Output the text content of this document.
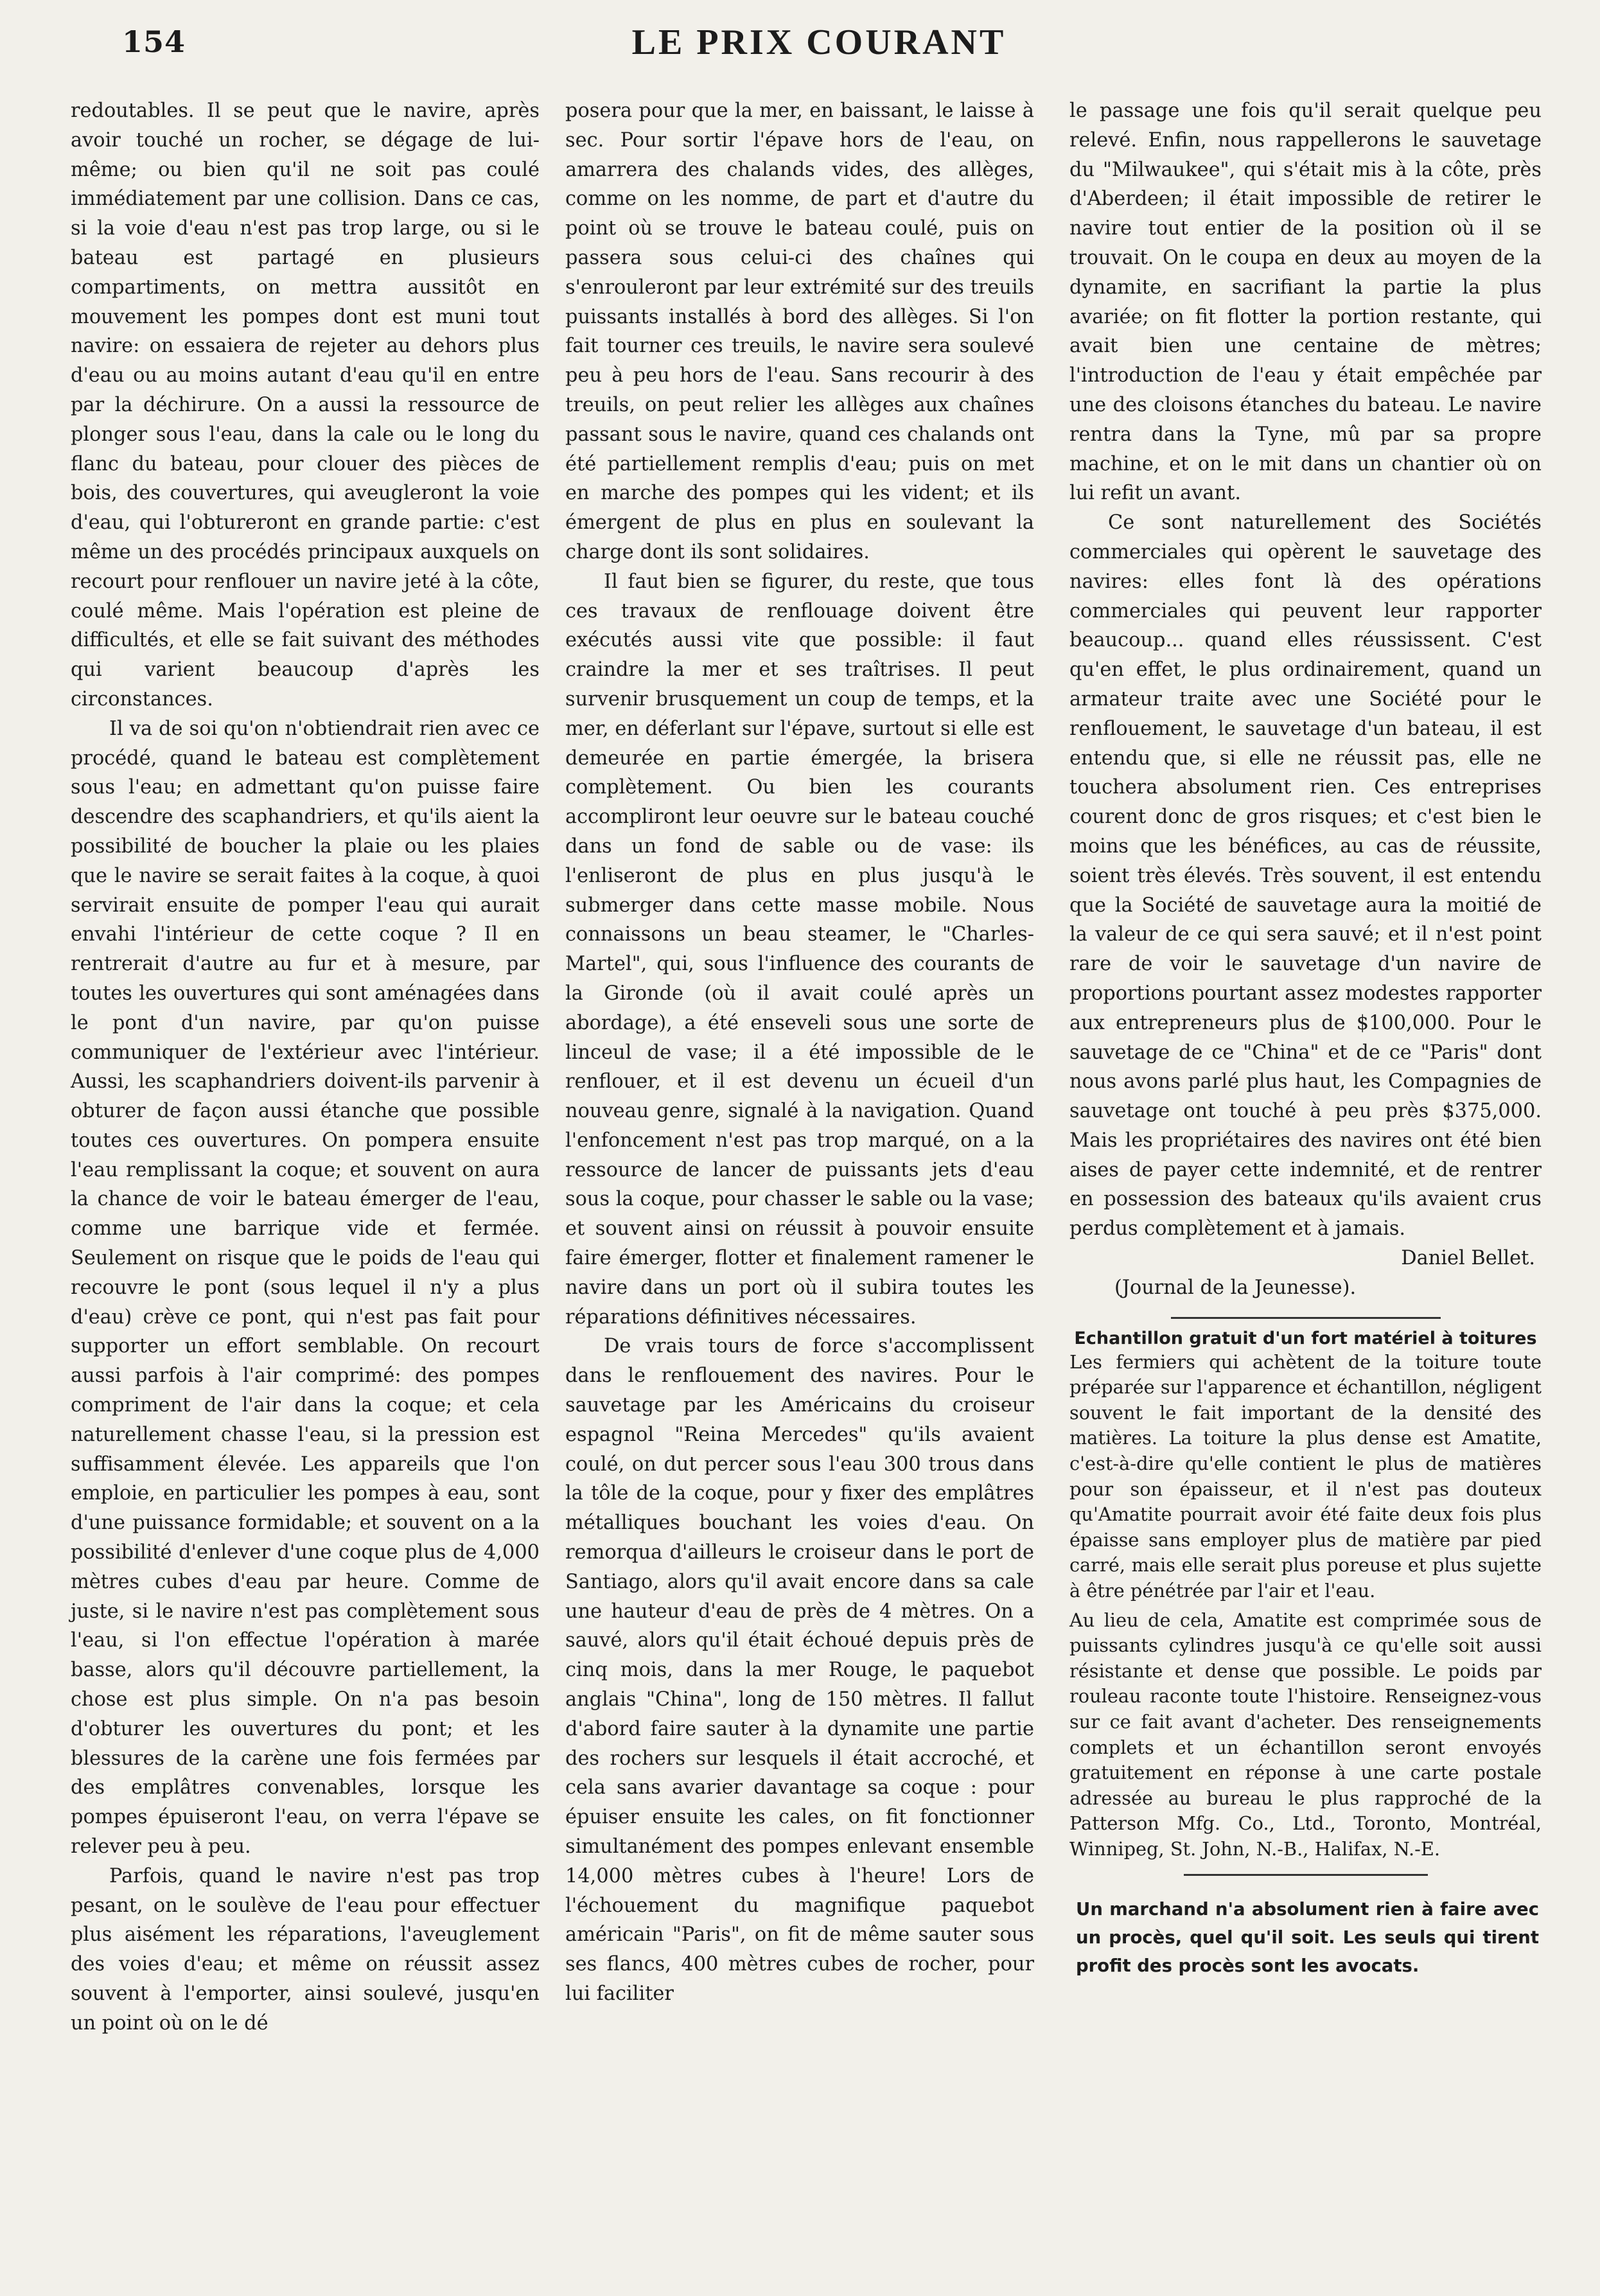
154	LE PRIX COURANT

redoutables. Il se peut que le navire, après avoir touché un rocher, se dégage de lui-même; ou bien qu'il ne soit pas coulé immédiatement par une collision. Dans ce cas, si la voie d'eau n'est pas trop large, ou si le bateau est partagé en plusieurs compartiments, on mettra aussitôt en mouvement les pompes dont est muni tout navire: on essaiera de rejeter au dehors plus d'eau ou au moins autant d'eau qu'il en entre par la déchirure. On a aussi la ressource de plonger sous l'eau, dans la cale ou le long du flanc du bateau, pour clouer des pièces de bois, des couvertures, qui aveugleront la voie d'eau, qui l'obtureront en grande partie: c'est même un des procédés principaux auxquels on recourt pour renflouer un navire jeté à la côte, coulé même. Mais l'opération est pleine de difficultés, et elle se fait suivant des méthodes qui varient beaucoup d'après les circonstances.

Il va de soi qu'on n'obtiendrait rien avec ce procédé, quand le bateau est complètement sous l'eau; en admettant qu'on puisse faire descendre des scaphandriers, et qu'ils aient la possibilité de boucher la plaie ou les plaies que le navire se serait faites à la coque, à quoi servirait ensuite de pomper l'eau qui aurait envahi l'intérieur de cette coque ? Il en rentrerait d'autre au fur et à mesure, par toutes les ouvertures qui sont aménagées dans le pont d'un navire, par qu'on puisse communiquer de l'extérieur avec l'intérieur. Aussi, les scaphandriers doivent-ils parvenir à obturer de façon aussi étanche que possible toutes ces ouvertures. On pompera ensuite l'eau remplissant la coque; et souvent on aura la chance de voir le bateau émerger de l'eau, comme une barrique vide et fermée. Seulement on risque que le poids de l'eau qui recouvre le pont (sous lequel il n'y a plus d'eau) crève ce pont, qui n'est pas fait pour supporter un effort semblable. On recourt aussi parfois à l'air comprimé: des pompes compriment de l'air dans la coque; et cela naturellement chasse l'eau, si la pression est suffisamment élevée. Les appareils que l'on emploie, en particulier les pompes à eau, sont d'une puissance formidable; et souvent on a la possibilité d'enlever d'une coque plus de 4,000 mètres cubes d'eau par heure. Comme de juste, si le navire n'est pas complètement sous l'eau, si l'on effectue l'opération à marée basse, alors qu'il découvre partiellement, la chose est plus simple. On n'a pas besoin d'obturer les ouvertures du pont; et les blessures de la carène une fois fermées par des emplâtres convenables, lorsque les pompes épuiseront l'eau, on verra l'épave se relever peu à peu.

Parfois, quand le navire n'est pas trop pesant, on le soulève de l'eau pour effectuer plus aisément les réparations, l'aveuglement des voies d'eau; et même on réussit assez souvent à l'emporter, ainsi soulevé, jusqu'en un point où on le dé

posera pour que la mer, en baissant, le laisse à sec. Pour sortir l'épave hors de l'eau, on amarrera des chalands vides, des allèges, comme on les nomme, de part et d'autre du point où se trouve le bateau coulé, puis on passera sous celui-ci des chaînes qui s'enrouleront par leur extrémité sur des treuils puissants installés à bord des allèges. Si l'on fait tourner ces treuils, le navire sera soulevé peu à peu hors de l'eau. Sans recourir à des treuils, on peut relier les allèges aux chaînes passant sous le navire, quand ces chalands ont été partiellement remplis d'eau; puis on met en marche des pompes qui les vident; et ils émergent de plus en plus en soulevant la charge dont ils sont solidaires.

Il faut bien se figurer, du reste, que tous ces travaux de renflouage doivent être exécutés aussi vite que possible: il faut craindre la mer et ses traîtrises. Il peut survenir brusquement un coup de temps, et la mer, en déferlant sur l'épave, surtout si elle est demeurée en partie émergée, la brisera complètement. Ou bien les courants accompliront leur oeuvre sur le bateau couché dans un fond de sable ou de vase: ils l'enliseront de plus en plus jusqu'à le submerger dans cette masse mobile. Nous connaissons un beau steamer, le "Charles-Martel", qui, sous l'influence des courants de la Gironde (où il avait coulé après un abordage), a été enseveli sous une sorte de linceul de vase; il a été impossible de le renflouer, et il est devenu un écueil d'un nouveau genre, signalé à la navigation. Quand l'enfoncement n'est pas trop marqué, on a la ressource de lancer de puissants jets d'eau sous la coque, pour chasser le sable ou la vase; et souvent ainsi on réussit à pouvoir ensuite faire émerger, flotter et finalement ramener le navire dans un port où il subira toutes les réparations définitives nécessaires.

De vrais tours de force s'accomplissent dans le renflouement des navires. Pour le sauvetage par les Américains du croiseur espagnol "Reina Mercedes" qu'ils avaient coulé, on dut percer sous l'eau 300 trous dans la tôle de la coque, pour y fixer des emplâtres métalliques bouchant les voies d'eau. On remorqua d'ailleurs le croiseur dans le port de Santiago, alors qu'il avait encore dans sa cale une hauteur d'eau de près de 4 mètres. On a sauvé, alors qu'il était échoué depuis près de cinq mois, dans la mer Rouge, le paquebot anglais "China", long de 150 mètres. Il fallut d'abord faire sauter à la dynamite une partie des rochers sur lesquels il était accroché, et cela sans avarier davantage sa coque : pour épuiser ensuite les cales, on fit fonctionner simultanément des pompes enlevant ensemble 14,000 mètres cubes à l'heure! Lors de l'échouement du magnifique paquebot américain "Paris", on fit de même sauter sous ses flancs, 400 mètres cubes de rocher, pour lui faciliter

le passage une fois qu'il serait quelque peu relevé. Enfin, nous rappellerons le sauvetage du "Milwaukee", qui s'était mis à la côte, près d'Aberdeen; il était impossible de retirer le navire tout entier de la position où il se trouvait. On le coupa en deux au moyen de la dynamite, en sacrifiant la partie la plus avariée; on fit flotter la portion restante, qui avait bien une centaine de mètres; l'introduction de l'eau y était empêchée par une des cloisons étanches du bateau. Le navire rentra dans la Tyne, mû par sa propre machine, et on le mit dans un chantier où on lui refit un avant.

Ce sont naturellement des Sociétés commerciales qui opèrent le sauvetage des navires: elles font là des opérations commerciales qui peuvent leur rapporter beaucoup... quand elles réussissent. C'est qu'en effet, le plus ordinairement, quand un armateur traite avec une Société pour le renflouement, le sauvetage d'un bateau, il est entendu que, si elle ne réussit pas, elle ne touchera absolument rien. Ces entreprises courent donc de gros risques; et c'est bien le moins que les bénéfices, au cas de réussite, soient très élevés. Très souvent, il est entendu que la Société de sauvetage aura la moitié de la valeur de ce qui sera sauvé; et il n'est point rare de voir le sauvetage d'un navire de proportions pourtant assez modestes rapporter aux entrepreneurs plus de $100,000. Pour le sauvetage de ce "China" et de ce "Paris" dont nous avons parlé plus haut, les Compagnies de sauvetage ont touché à peu près $375,000. Mais les propriétaires des navires ont été bien aises de payer cette indemnité, et de rentrer en possession des bateaux qu'ils avaient crus perdus complètement et à jamais.

Daniel Bellet.

(Journal de la Jeunesse).

Echantillon gratuit d'un fort matériel à toitures

Les fermiers qui achètent de la toiture toute préparée sur l'apparence et échantillon, négligent souvent le fait important de la densité des matières. La toiture la plus dense est Amatite, c'est-à-dire qu'elle contient le plus de matières pour son épaisseur, et il n'est pas douteux qu'Amatite pourrait avoir été faite deux fois plus épaisse sans employer plus de matière par pied carré, mais elle serait plus poreuse et plus sujette à être pénétrée par l'air et l'eau.

Au lieu de cela, Amatite est comprimée sous de puissants cylindres jusqu'à ce qu'elle soit aussi résistante et dense que possible. Le poids par rouleau raconte toute l'histoire. Renseignez-vous sur ce fait avant d'acheter. Des renseignements complets et un échantillon seront envoyés gratuitement en réponse à une carte postale adressée au bureau le plus rapproché de la Patterson Mfg. Co., Ltd., Toronto, Montréal, Winnipeg, St. John, N.-B., Halifax, N.-E.

Un marchand n'a absolument rien à faire avec un procès, quel qu'il soit. Les seuls qui tirent profit des procès sont les avocats.
